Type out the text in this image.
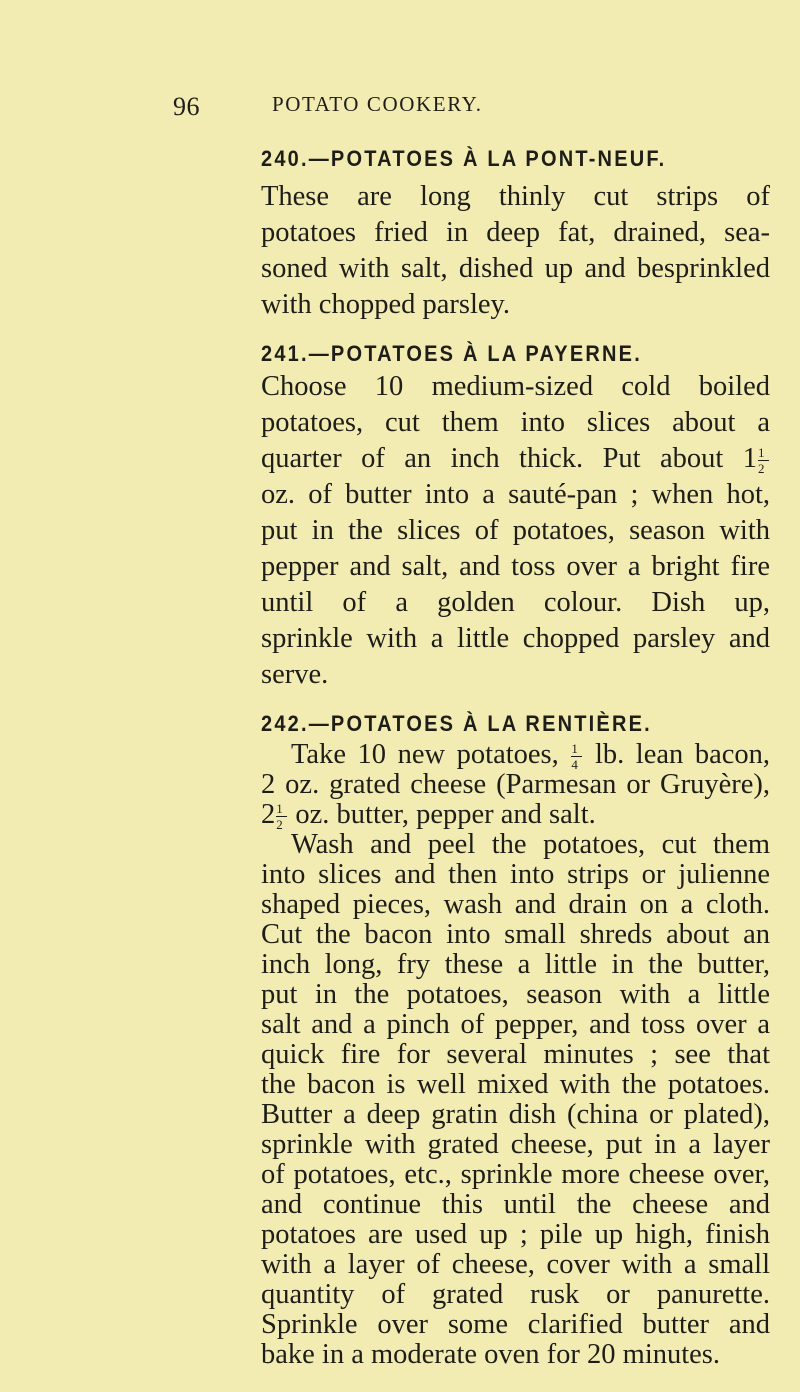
96	POTATO COOKERY.
240.—POTATOES À LA PONT-NEUF.
These are long thinly cut strips of
potatoes fried in deep fat, drained, sea-
soned with salt, dished up and besprinkled
with chopped parsley.
241.—POTATOES À LA PAYERNE.
Choose 10 medium-sized cold boiled
potatoes, cut them into slices about a
quarter of an inch thick. Put about $1 \frac{1}{2}$
oz. of butter into a sauté-pan ; when hot,
put in the slices of potatoes, season with
pepper and salt, and toss over a bright fire
until of a golden colour. Dish up,
sprinkle with a little chopped parsley and
serve.
242.—POTATOES À LA RENTIÈRE.
Take 10 new potatoes, $\frac{1}{4}$ lb. lean bacon,
2 oz. grated cheese (Parmesan or Gruyère),
$2 \frac{1}{2}$ oz. butter, pepper and salt.
Wash and peel the potatoes, cut them
into slices and then into strips or julienne
shaped pieces, wash and drain on a cloth.
Cut the bacon into small shreds about an
inch long, fry these a little in the butter,
put in the potatoes, season with a little
salt and a pinch of pepper, and toss over a
quick fire for several minutes ; see that
the bacon is well mixed with the potatoes.
Butter a deep gratin dish (china or plated),
sprinkle with grated cheese, put in a layer
of potatoes, etc., sprinkle more cheese over,
and continue this until the cheese and
potatoes are used up ; pile up high, finish
with a layer of cheese, cover with a small
quantity of grated rusk or panurette.
Sprinkle over some clarified butter and
bake in a moderate oven for 20 minutes.
